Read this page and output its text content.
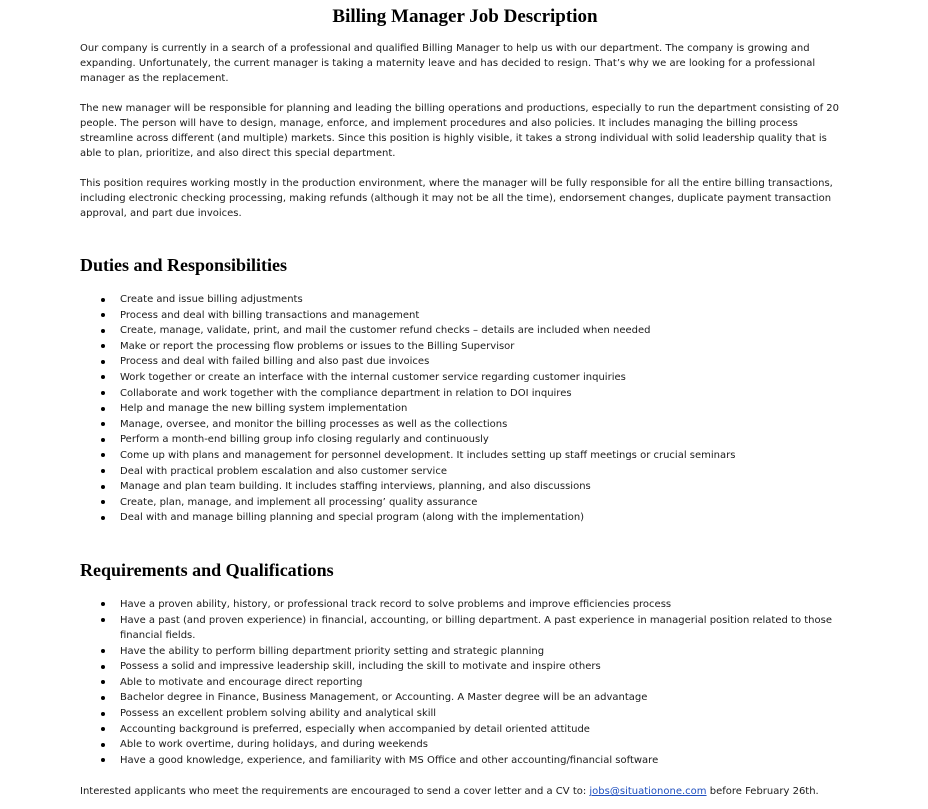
Billing Manager Job Description

Our company is currently in a search of a professional and qualified Billing Manager to help us with our department. The company is growing and expanding. Unfortunately, the current manager is taking a maternity leave and has decided to resign. That’s why we are looking for a professional manager as the replacement.

The new manager will be responsible for planning and leading the billing operations and productions, especially to run the department consisting of 20 people. The person will have to design, manage, enforce, and implement procedures and also policies. It includes managing the billing process streamline across different (and multiple) markets. Since this position is highly visible, it takes a strong individual with solid leadership quality that is able to plan, prioritize, and also direct this special department.

This position requires working mostly in the production environment, where the manager will be fully responsible for all the entire billing transactions, including electronic checking processing, making refunds (although it may not be all the time), endorsement changes, duplicate payment transaction approval, and part due invoices.

Duties and Responsibilities
Create and issue billing adjustments
Process and deal with billing transactions and management
Create, manage, validate, print, and mail the customer refund checks – details are included when needed
Make or report the processing flow problems or issues to the Billing Supervisor
Process and deal with failed billing and also past due invoices
Work together or create an interface with the internal customer service regarding customer inquiries
Collaborate and work together with the compliance department in relation to DOI inquires
Help and manage the new billing system implementation
Manage, oversee, and monitor the billing processes as well as the collections
Perform a month-end billing group info closing regularly and continuously
Come up with plans and management for personnel development. It includes setting up staff meetings or crucial seminars
Deal with practical problem escalation and also customer service
Manage and plan team building. It includes staffing interviews, planning, and also discussions
Create, plan, manage, and implement all processing’ quality assurance
Deal with and manage billing planning and special program (along with the implementation)
Requirements and Qualifications
Have a proven ability, history, or professional track record to solve problems and improve efficiencies process
Have a past (and proven experience) in financial, accounting, or billing department. A past experience in managerial position related to those financial fields.
Have the ability to perform billing department priority setting and strategic planning
Possess a solid and impressive leadership skill, including the skill to motivate and inspire others
Able to motivate and encourage direct reporting
Bachelor degree in Finance, Business Management, or Accounting. A Master degree will be an advantage
Possess an excellent problem solving ability and analytical skill
Accounting background is preferred, especially when accompanied by detail oriented attitude
Able to work overtime, during holidays, and during weekends
Have a good knowledge, experience, and familiarity with MS Office and other accounting/financial software

Interested applicants who meet the requirements are encouraged to send a cover letter and a CV to: jobs@situationone.com before February 26th.
